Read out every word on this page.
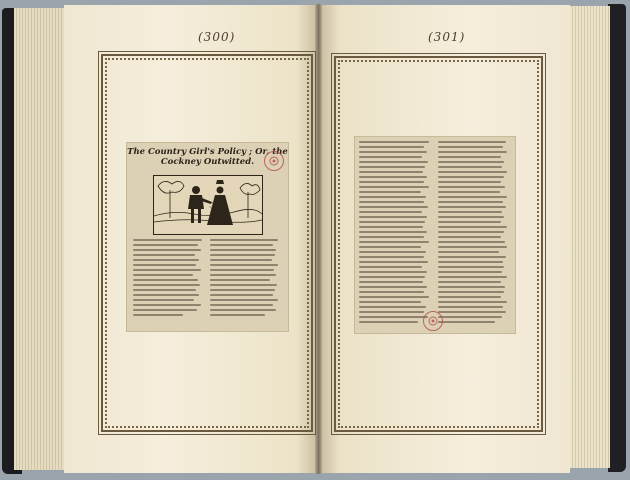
(300)	(301)
The Country Girl's Policy ; Or, the
Cockney Outwitted.
